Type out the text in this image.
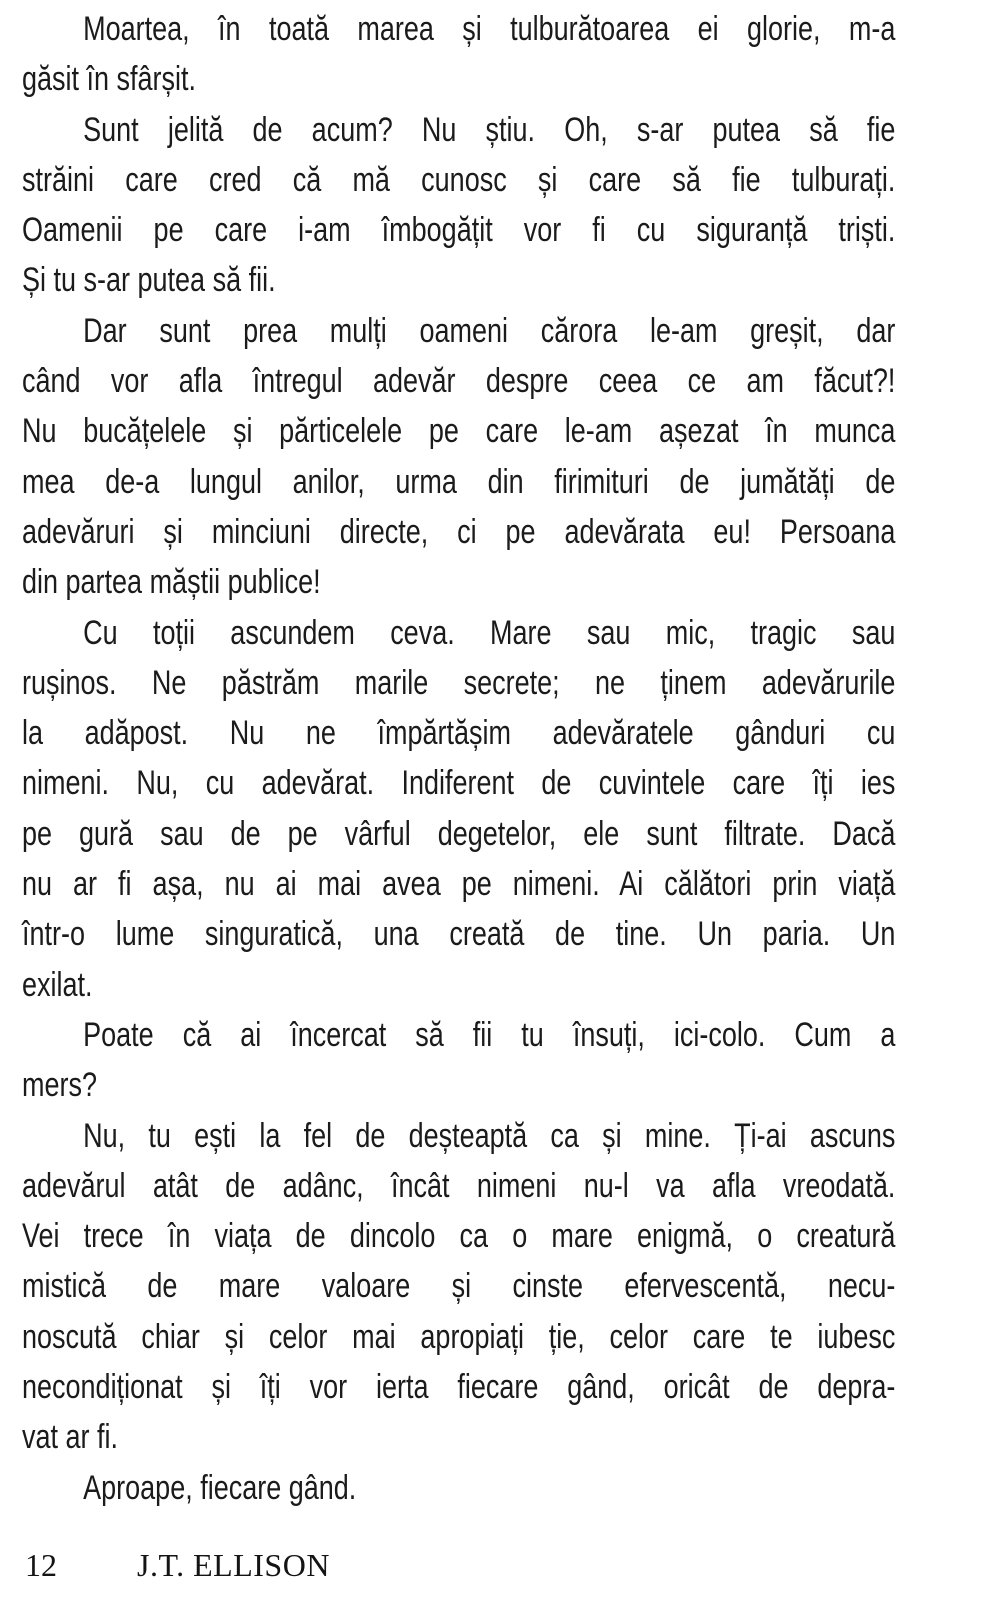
Moartea, în toată marea și tulburătoarea ei glorie, m-a
găsit în sfârșit.
Sunt jelită de acum? Nu știu. Oh, s-ar putea să fie
străini care cred că mă cunosc și care să fie tulburați.
Oamenii pe care i-am îmbogățit vor fi cu siguranță triști.
Și tu s-ar putea să fii.
Dar sunt prea mulți oameni cărora le-am greșit, dar
când vor afla întregul adevăr despre ceea ce am făcut?!
Nu bucățelele și părticelele pe care le-am așezat în munca
mea de-a lungul anilor, urma din firimituri de jumătăți de
adevăruri și minciuni directe, ci pe adevărata eu! Persoana
din partea măștii publice!
Cu toții ascundem ceva. Mare sau mic, tragic sau
rușinos. Ne păstrăm marile secrete; ne ținem adevărurile
la adăpost. Nu ne împărtășim adevăratele gânduri cu
nimeni. Nu, cu adevărat. Indiferent de cuvintele care îți ies
pe gură sau de pe vârful degetelor, ele sunt filtrate. Dacă
nu ar fi așa, nu ai mai avea pe nimeni. Ai călători prin viață
într-o lume singuratică, una creată de tine. Un paria. Un
exilat.
Poate că ai încercat să fii tu însuți, ici-colo. Cum a
mers?
Nu, tu ești la fel de deșteaptă ca și mine. Ți-ai ascuns
adevărul atât de adânc, încât nimeni nu-l va afla vreodată.
Vei trece în viața de dincolo ca o mare enigmă, o creatură
mistică de mare valoare și cinste efervescentă, necu-
noscută chiar și celor mai apropiați ție, celor care te iubesc
necondiționat și îți vor ierta fiecare gând, oricât de depra-
vat ar fi.
Aproape, fiecare gând.
12	J.T. ELLISON
